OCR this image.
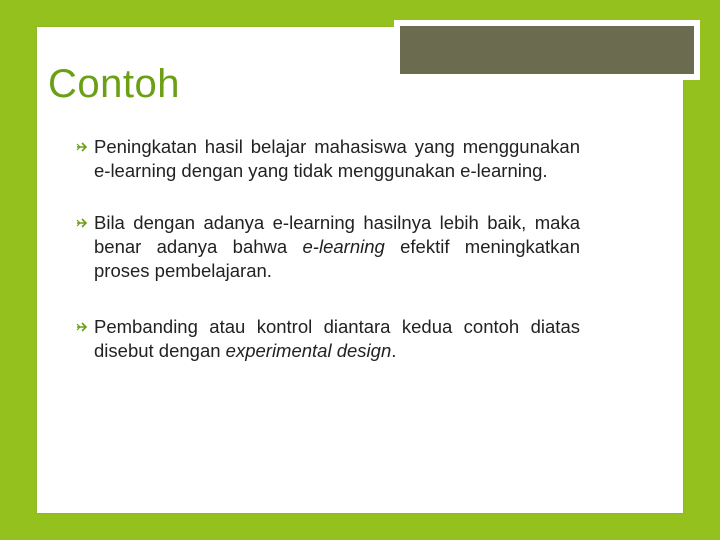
Contoh
Peningkatan hasil belajar mahasiswa yang menggunakan e-learning dengan yang tidak menggunakan e-learning.
Bila dengan adanya e-learning hasilnya lebih baik, maka benar adanya bahwa e-learning efektif meningkatkan proses pembelajaran.
Pembanding atau kontrol diantara kedua contoh diatas disebut dengan experimental design.
